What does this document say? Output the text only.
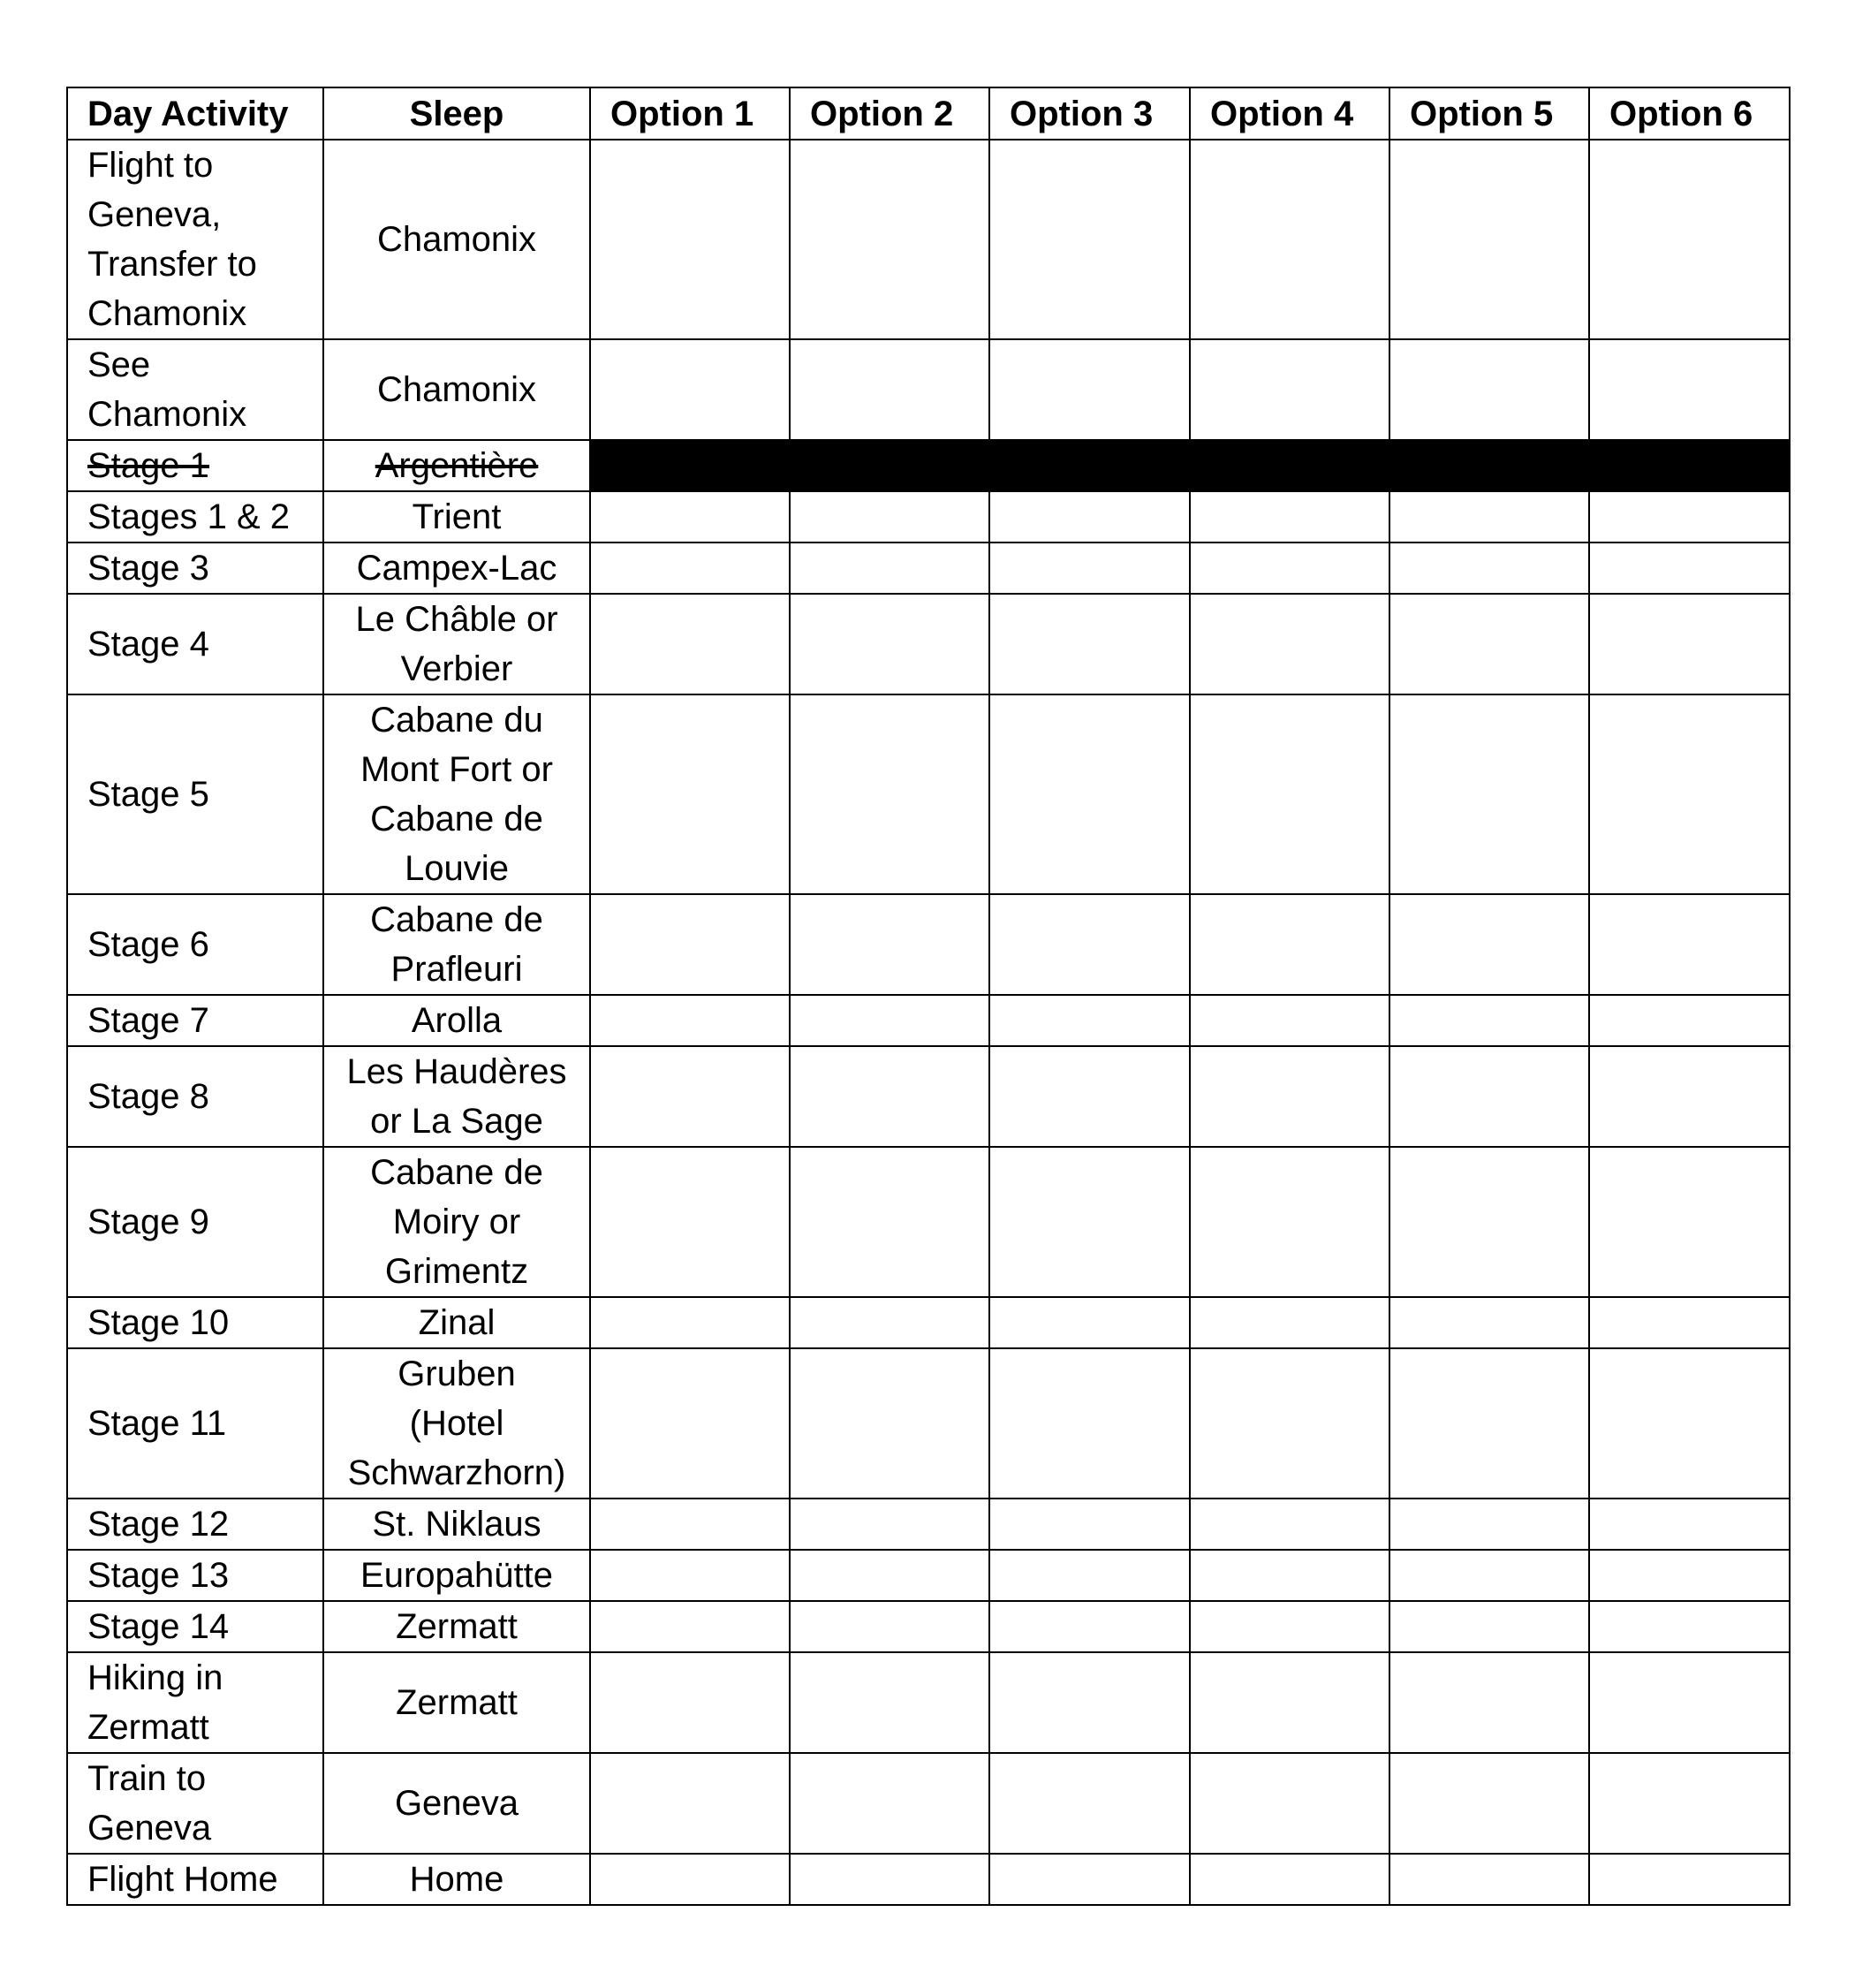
Day Activity	Sleep	Option 1	Option 2	Option 3	Option 4	Option 5	Option 6

Flight to
Geneva,
Transfer to
Chamonix	Chamonix						

See
Chamonix	Chamonix						

Stage 1	Argentière						

Stages 1 & 2	Trient						

Stage 3	Campex-Lac						

Stage 4	Le Châble or
Verbier						

Stage 5	Cabane du
Mont Fort or
Cabane de
Louvie						

Stage 6	Cabane de
Prafleuri						

Stage 7	Arolla						

Stage 8	Les Haudères
or La Sage						

Stage 9	Cabane de
Moiry or
Grimentz						

Stage 10	Zinal						

Stage 11	Gruben
(Hotel
Schwarzhorn)						

Stage 12	St. Niklaus						

Stage 13	Europahütte						

Stage 14	Zermatt						

Hiking in
Zermatt	Zermatt						

Train to
Geneva	Geneva						

Flight Home	Home						
